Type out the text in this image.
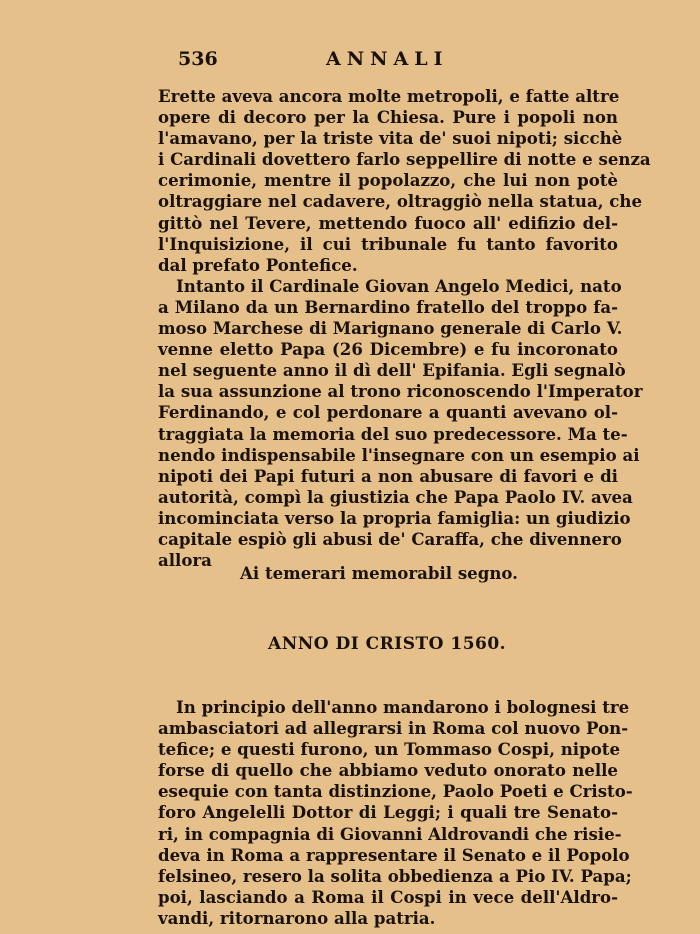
536	ANNALI
Erette aveva ancora molte metropoli, e fatte altre
opere di decoro per la Chiesa. Pure i popoli non
l'amavano, per la triste vita de' suoi nipoti; sicchè
i Cardinali dovettero farlo seppellire di notte e senza
cerimonie, mentre il popolazzo, che lui non potè
oltraggiare nel cadavere, oltraggiò nella statua, che
gittò nel Tevere, mettendo fuoco all' edifizio del-
l'Inquisizione, il cui tribunale fu tanto favorito
dal prefato Pontefice.
Intanto il Cardinale Giovan Angelo Medici, nato
a Milano da un Bernardino fratello del troppo fa-
moso Marchese di Marignano generale di Carlo V.
venne eletto Papa (26 Dicembre) e fu incoronato
nel seguente anno il dì dell' Epifania. Egli segnalò
la sua assunzione al trono riconoscendo l'Imperator
Ferdinando, e col perdonare a quanti avevano ol-
traggiata la memoria del suo predecessore. Ma te-
nendo indispensabile l'insegnare con un esempio ai
nipoti dei Papi futuri a non abusare di favori e di
autorità, compì la giustizia che Papa Paolo IV. avea
incominciata verso la propria famiglia: un giudizio
capitale espiò gli abusi de' Caraffa, che divennero
allora
Ai temerari memorabil segno.
ANNO DI CRISTO 1560.
In principio dell'anno mandarono i bolognesi tre
ambasciatori ad allegrarsi in Roma col nuovo Pon-
tefice; e questi furono, un Tommaso Cospi, nipote
forse di quello che abbiamo veduto onorato nelle
esequie con tanta distinzione, Paolo Poeti e Cristo-
foro Angelelli Dottor di Leggi; i quali tre Senato-
ri, in compagnia di Giovanni Aldrovandi che risie-
deva in Roma a rappresentare il Senato e il Popolo
felsineo, resero la solita obbedienza a Pio IV. Papa;
poi, lasciando a Roma il Cospi in vece dell'Aldro-
vandi, ritornarono alla patria.
